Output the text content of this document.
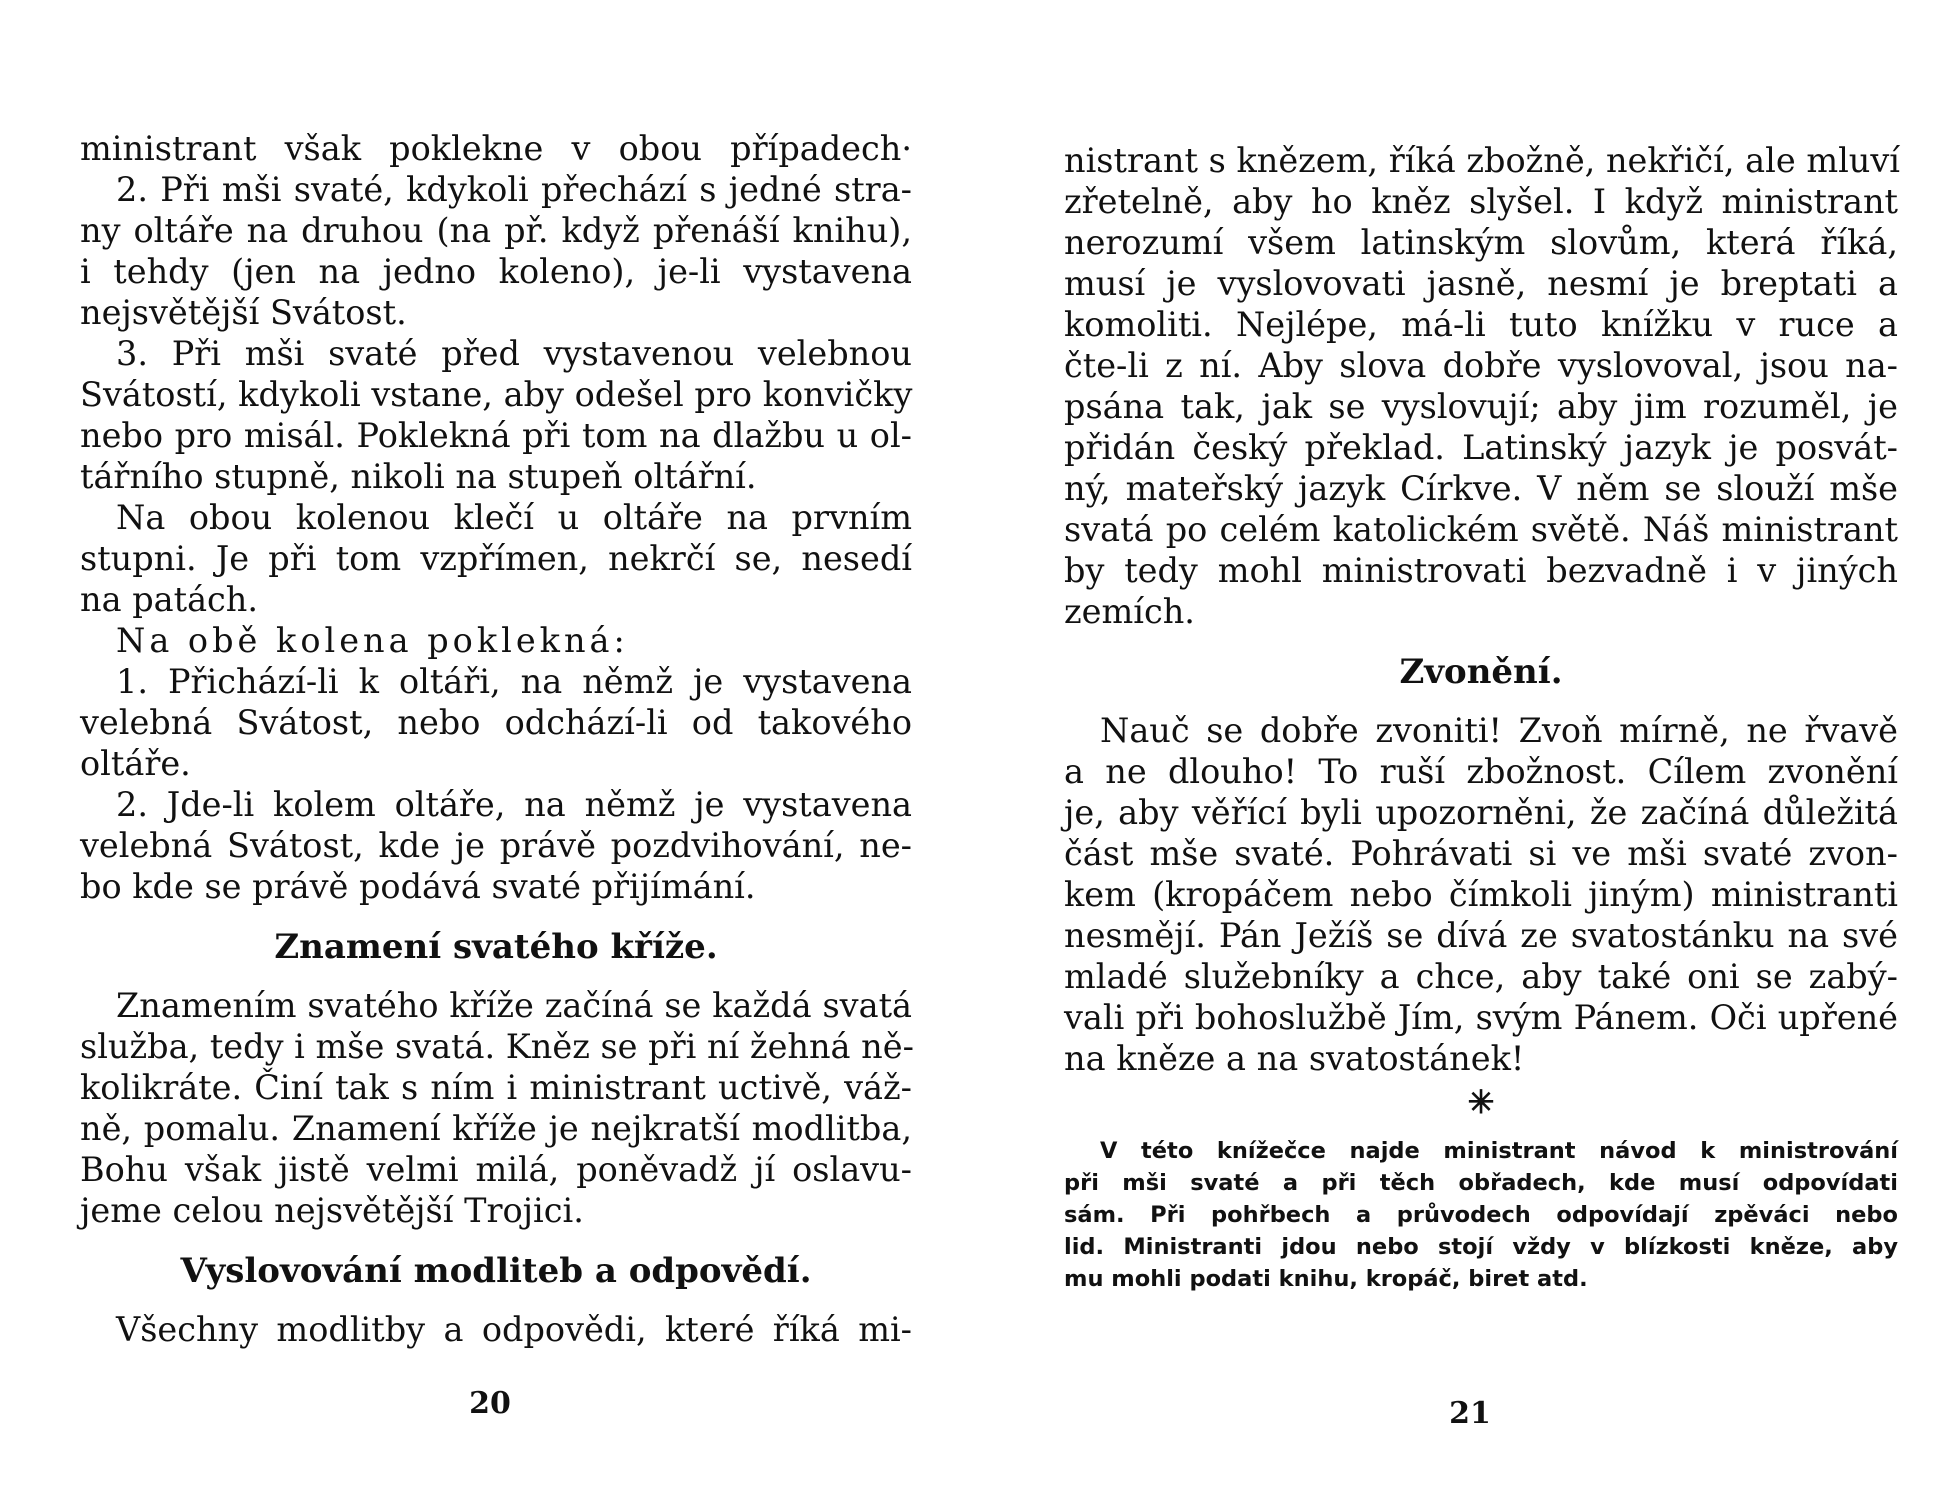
ministrant však poklekne v obou případech·
2. Při mši svaté, kdykoli přechází s jedné stra-
ny oltáře na druhou (na př. když přenáší knihu),
i tehdy (jen na jedno koleno), je-li vystavena
nejsvětější Svátost.
3. Při mši svaté před vystavenou velebnou
Svátostí, kdykoli vstane, aby odešel pro konvičky
nebo pro misál. Poklekná při tom na dlažbu u ol-
tářního stupně, nikoli na stupeň oltářní.
Na obou kolenou klečí u oltáře na prvním
stupni. Je při tom vzpřímen, nekrčí se, nesedí
na patách.
Na obě kolena poklekná:
1. Přichází-li k oltáři, na němž je vystavena
velebná Svátost, nebo odchází-li od takového
oltáře.
2. Jde-li kolem oltáře, na němž je vystavena
velebná Svátost, kde je právě pozdvihování, ne-
bo kde se právě podává svaté přijímání.
Znamení svatého kříže.
Znamením svatého kříže začíná se každá svatá
služba, tedy i mše svatá. Kněz se při ní žehná ně-
kolikráte. Činí tak s ním i ministrant uctivě, váž-
ně, pomalu. Znamení kříže je nejkratší modlitba,
Bohu však jistě velmi milá, poněvadž jí oslavu-
jeme celou nejsvětější Trojici.
Vyslovování modliteb a odpovědí.
Všechny modlitby a odpovědi, které říká mi-
20
nistrant s knězem, říká zbožně, nekřičí, ale mluví
zřetelně, aby ho kněz slyšel. I když ministrant
nerozumí všem latinským slovům, která říká,
musí je vyslovovati jasně, nesmí je breptati a
komoliti. Nejlépe, má-li tuto knížku v ruce a
čte-li z ní. Aby slova dobře vyslovoval, jsou na-
psána tak, jak se vyslovují; aby jim rozuměl, je
přidán český překlad. Latinský jazyk je posvát-
ný, mateřský jazyk Církve. V něm se slouží mše
svatá po celém katolickém světě. Náš ministrant
by tedy mohl ministrovati bezvadně i v jiných
zemích.
Zvonění.
Nauč se dobře zvoniti! Zvoň mírně, ne řvavě
a ne dlouho! To ruší zbožnost. Cílem zvonění
je, aby věřící byli upozorněni, že začíná důležitá
část mše svaté. Pohrávati si ve mši svaté zvon-
kem (kropáčem nebo čímkoli jiným) ministranti
nesmějí. Pán Ježíš se dívá ze svatostánku na své
mladé služebníky a chce, aby také oni se zabý-
vali při bohoslužbě Jím, svým Pánem. Oči upřené
na kněze a na svatostánek!
✳
V této knížečce najde ministrant návod k ministrování
při mši svaté a při těch obřadech, kde musí odpovídati
sám. Při pohřbech a průvodech odpovídají zpěváci nebo
lid. Ministranti jdou nebo stojí vždy v blízkosti kněze, aby
mu mohli podati knihu, kropáč, biret atd.
21
